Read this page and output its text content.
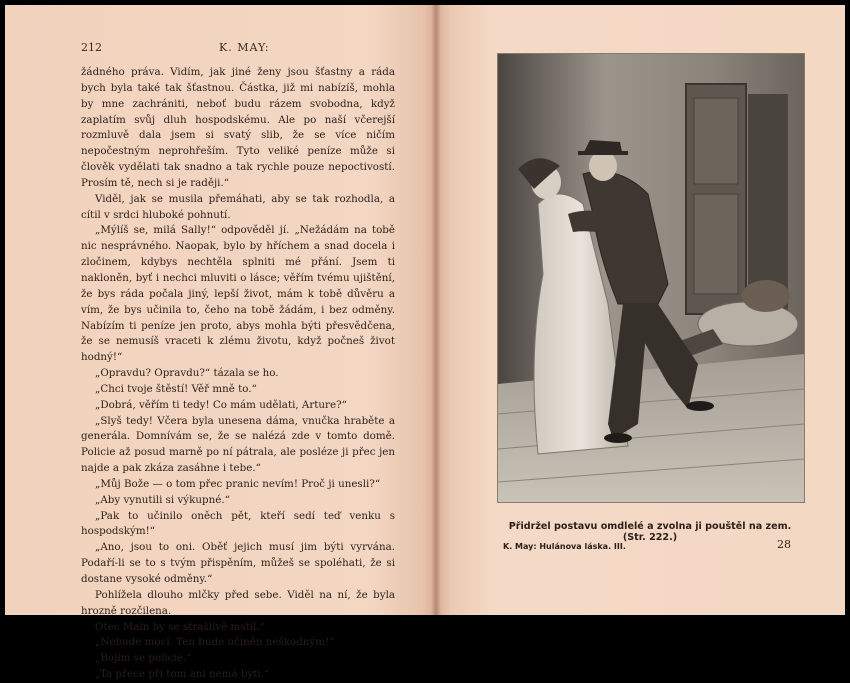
212	K. MAY:

žádného práva. Vidím, jak jiné ženy jsou šťastny a ráda bych byla také tak šťastnou. Částka, již mi nabízíš, mohla by mne zachrániti, neboť budu rázem svobodna, když zaplatím svůj dluh hospodskému. Ale po naší včerejší rozmluvě dala jsem si svatý slib, že se více ničím nepočestným neprohřeším. Tyto veliké peníze může si člověk vydělati tak snadno a tak rychle pouze nepoctivostí. Prosím tě, nech si je raději.“

Viděl, jak se musila přemáhati, aby se tak rozhodla, a cítil v srdci hluboké pohnutí.

„Mýlíš se, milá Sally!“ odpověděl jí. „Nežádám na tobě nic nesprávného. Naopak, bylo by hříchem a snad docela i zločinem, kdybys nechtěla splniti mé přání. Jsem ti nakloněn, byť i nechci mluviti o lásce; věřím tvému ujištění, že bys ráda počala jiný, lepší život, mám k tobě důvěru a vím, že bys učinila to, čeho na tobě žádám, i bez odměny. Nabízím ti peníze jen proto, abys mohla býti přesvědčena, že se nemusíš vraceti k zlému životu, když počneš život hodný!“

„Opravdu? Opravdu?“ tázala se ho.

„Chci tvoje štěstí! Věř mně to.“

„Dobrá, věřím ti tedy! Co mám udělati, Arture?“

„Slyš tedy! Včera byla unesena dáma, vnučka hraběte a generála. Domnívám se, že se nalézá zde v tomto domě. Policie až posud marně po ní pátrala, ale posléze ji přec jen najde a pak zkáza zasáhne i tebe.“

„Můj Bože — o tom přec pranic nevím! Proč ji unesli?“

„Aby vynutili si výkupné.“

„Pak to učinilo oněch pět, kteří sedí teď venku s hospodským!“

„Ano, jsou to oni. Oběť jejich musí jim býti vyrvána. Podaří-li se to s tvým přispěním, můžeš se spoléhati, že si dostane vysoké odměny.“

Pohlížela dlouho mlčky před sebe. Viděl na ní, že byla hrozně rozčilena.

Otec Main by se strašlivě mstil.“

„Nebude moci. Ten bude učiněn neškodným!“

„Bojím se policie.“

„Ta přece při tom ani nemá býti.“

Přidržel postavu omdlelé a zvolna ji pouštěl na zem. (Str. 222.)
K. May: Hulánova láska. III.	28
